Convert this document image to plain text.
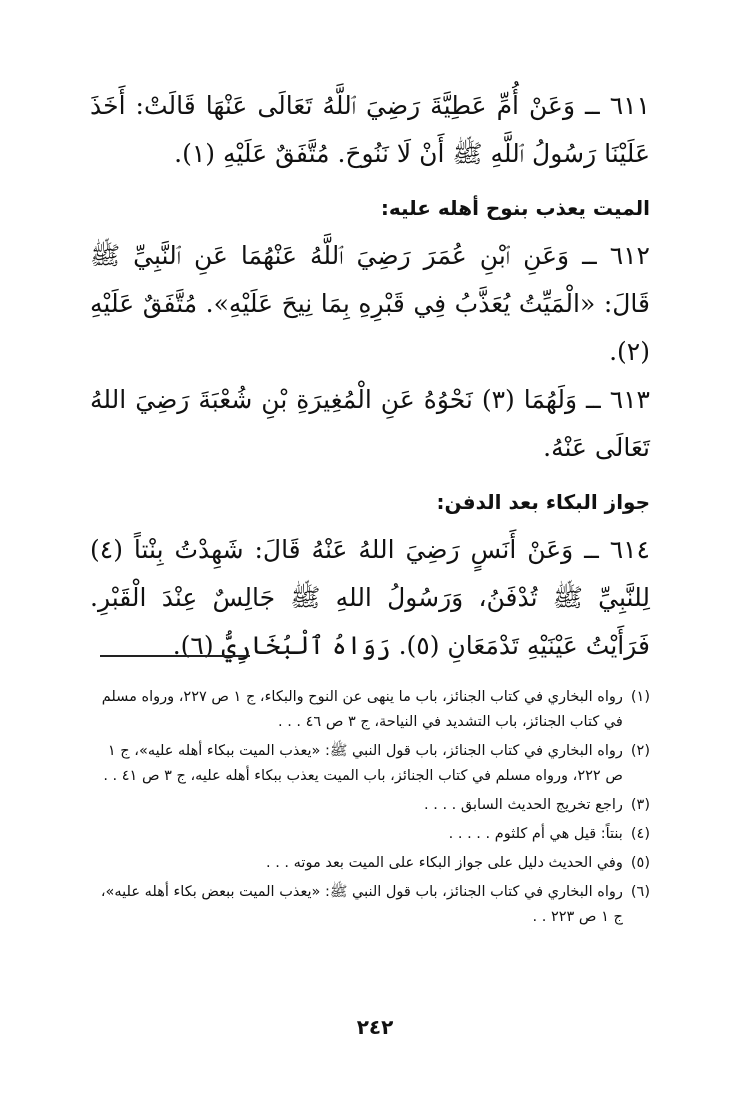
٦١١ ــ وَعَنْ أُمِّ عَطِيَّةَ رَضِيَ ٱللَّهُ تَعَالَى عَنْهَا قَالَتْ: أَخَذَ عَلَيْنَا رَسُولُ ٱللَّهِ ﷺ أَنْ لَا نَنُوحَ. مُتَّفَقٌ عَلَيْهِ (١).

الميت يعذب بنوح أهله عليه:

٦١٢ ــ وَعَنِ ٱبْنِ عُمَرَ رَضِيَ ٱللَّهُ عَنْهُمَا عَنِ ٱلنَّبِيِّ ﷺ قَالَ: «الْمَيِّتُ يُعَذَّبُ فِي قَبْرِهِ بِمَا نِيحَ عَلَيْهِ». مُتَّفَقٌ عَلَيْهِ (٢).

٦١٣ ــ وَلَهُمَا (٣) نَحْوُهُ عَنِ الْمُغِيرَةِ بْنِ شُعْبَةَ رَضِيَ اللهُ تَعَالَى عَنْهُ.

جواز البكاء بعد الدفن:

٦١٤ ــ وَعَنْ أَنَسٍ رَضِيَ اللهُ عَنْهُ قَالَ: شَهِدْتُ بِنْتاً (٤) لِلنَّبِيِّ ﷺ تُدْفَنُ، وَرَسُولُ اللهِ ﷺ جَالِسٌ عِنْدَ الْقَبْرِ. فَرَأَيْتُ عَيْنَيْهِ تَدْمَعَانِ (٥). رَوَاهُ ٱلْبُخَارِيُّ (٦).

(١)
رواه البخاري في كتاب الجنائز، باب ما ينهى عن النوح والبكاء، ج ١ ص ٢٢٧، ورواه مسلم في كتاب الجنائز، باب التشديد في النياحة، ج ٣ ص ٤٦ . . .
(٢)
رواه البخاري في كتاب الجنائز، باب قول النبي ﷺ: «يعذب الميت ببكاء أهله عليه»، ج ١ ص ٢٢٢، ورواه مسلم في كتاب الجنائز، باب الميت يعذب ببكاء أهله عليه، ج ٣ ص ٤١ . .
(٣)
راجع تخريج الحديث السابق . . . .
(٤)
بنتاً: قيل هي أم كلثوم . . . . .
(٥)
وفي الحديث دليل على جواز البكاء على الميت بعد موته . . .
(٦)
رواه البخاري في كتاب الجنائز، باب قول النبي ﷺ: «يعذب الميت ببعض بكاء أهله عليه»، ج ١ ص ٢٢٣ . .
٢٤٢
